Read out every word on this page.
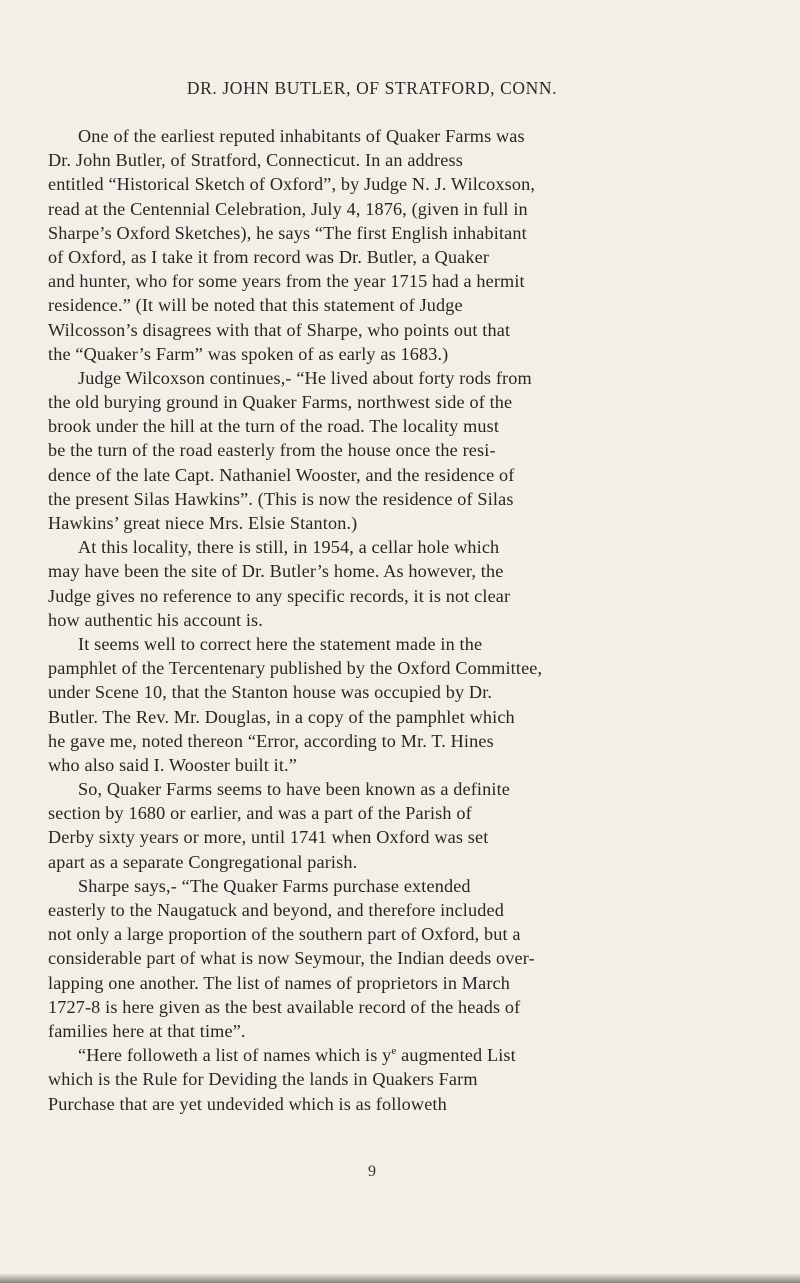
DR. JOHN BUTLER, OF STRATFORD, CONN.
One of the earliest reputed inhabitants of Quaker Farms was
Dr. John Butler, of Stratford, Connecticut. In an address
entitled “Historical Sketch of Oxford”, by Judge N. J. Wilcoxson,
read at the Centennial Celebration, July 4, 1876, (given in full in
Sharpe’s Oxford Sketches), he says “The first English inhabitant
of Oxford, as I take it from record was Dr. Butler, a Quaker
and hunter, who for some years from the year 1715 had a hermit
residence.” (It will be noted that this statement of Judge
Wilcosson’s disagrees with that of Sharpe, who points out that
the “Quaker’s Farm” was spoken of as early as 1683.)
Judge Wilcoxson continues,- “He lived about forty rods from
the old burying ground in Quaker Farms, northwest side of the
brook under the hill at the turn of the road. The locality must
be the turn of the road easterly from the house once the resi-
dence of the late Capt. Nathaniel Wooster, and the residence of
the present Silas Hawkins”. (This is now the residence of Silas
Hawkins’ great niece Mrs. Elsie Stanton.)
At this locality, there is still, in 1954, a cellar hole which
may have been the site of Dr. Butler’s home. As however, the
Judge gives no reference to any specific records, it is not clear
how authentic his account is.
It seems well to correct here the statement made in the
pamphlet of the Tercentenary published by the Oxford Committee,
under Scene 10, that the Stanton house was occupied by Dr.
Butler. The Rev. Mr. Douglas, in a copy of the pamphlet which
he gave me, noted thereon “Error, according to Mr. T. Hines
who also said I. Wooster built it.”
So, Quaker Farms seems to have been known as a definite
section by 1680 or earlier, and was a part of the Parish of
Derby sixty years or more, until 1741 when Oxford was set
apart as a separate Congregational parish.
Sharpe says,- “The Quaker Farms purchase extended
easterly to the Naugatuck and beyond, and therefore included
not only a large proportion of the southern part of Oxford, but a
considerable part of what is now Seymour, the Indian deeds over-
lapping one another. The list of names of proprietors in March
1727-8 is here given as the best available record of the heads of
families here at that time”.
“Here followeth a list of names which is $y^e$ augmented List
which is the Rule for Deviding the lands in Quakers Farm
Purchase that are yet undevided which is as followeth
9
